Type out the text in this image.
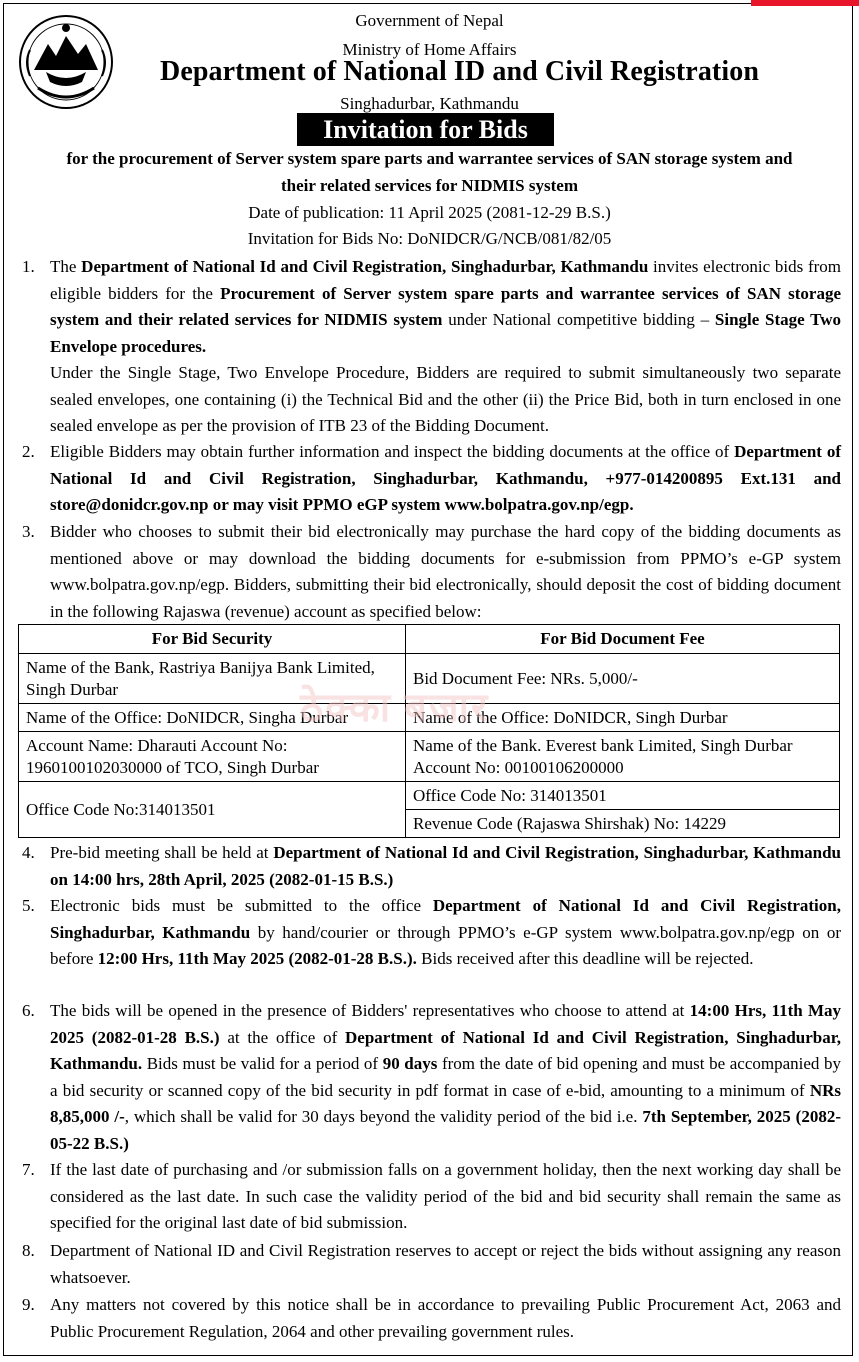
Government of Nepal
Ministry of Home Affairs
Department of National ID and Civil Registration
Singhadurbar, Kathmandu
Invitation for Bids
for the procurement of Server system spare parts and warrantee services of SAN storage system and
their related services for NIDMIS system
Date of publication: 11 April 2025 (2081-12-29 B.S.)
Invitation for Bids No: DoNIDCR/G/NCB/081/82/05
1. The Department of National Id and Civil Registration, Singhadurbar, Kathmandu invites electronic bids from eligible bidders for the Procurement of Server system spare parts and warrantee services of SAN storage system and their related services for NIDMIS system under National competitive bidding – Single Stage Two Envelope procedures.
Under the Single Stage, Two Envelope Procedure, Bidders are required to submit simultaneously two separate sealed envelopes, one containing (i) the Technical Bid and the other (ii) the Price Bid, both in turn enclosed in one sealed envelope as per the provision of ITB 23 of the Bidding Document.
2. Eligible Bidders may obtain further information and inspect the bidding documents at the office of Department of National Id and Civil Registration, Singhadurbar, Kathmandu, +977-014200895 Ext.131 and store@donidcr.gov.np or may visit PPMO eGP system www.bolpatra.gov.np/egp.
3. Bidder who chooses to submit their bid electronically may purchase the hard copy of the bidding documents as mentioned above or may download the bidding documents for e-submission from PPMO’s e-GP system www.bolpatra.gov.np/egp. Bidders, submitting their bid electronically, should deposit the cost of bidding document in the following Rajaswa (revenue) account as specified below:
For Bid Security	For Bid Document Fee
Name of the Bank, Rastriya Banijya Bank Limited, Singh Durbar	Bid Document Fee: NRs. 5,000/-
Name of the Office: DoNIDCR, Singha Durbar	Name of the Office: DoNIDCR, Singh Durbar
Account Name: Dharauti Account No: 1960100102030000 of TCO, Singh Durbar	Name of the Bank. Everest bank Limited, Singh Durbar Account No: 00100106200000
Office Code No:314013501	Office Code No: 314013501
	Revenue Code (Rajaswa Shirshak) No: 14229
ठेक्का बजार
4. Pre-bid meeting shall be held at Department of National Id and Civil Registration, Singhadurbar, Kathmandu on 14:00 hrs, 28th April, 2025 (2082-01-15 B.S.)
5. Electronic bids must be submitted to the office Department of National Id and Civil Registration, Singhadurbar, Kathmandu by hand/courier or through PPMO’s e-GP system www.bolpatra.gov.np/egp on or before 12:00 Hrs, 11th May 2025 (2082-01-28 B.S.). Bids received after this deadline will be rejected.
6. The bids will be opened in the presence of Bidders' representatives who choose to attend at 14:00 Hrs, 11th May 2025 (2082-01-28 B.S.) at the office of Department of National Id and Civil Registration, Singhadurbar, Kathmandu. Bids must be valid for a period of 90 days from the date of bid opening and must be accompanied by a bid security or scanned copy of the bid security in pdf format in case of e-bid, amounting to a minimum of NRs 8,85,000 /-, which shall be valid for 30 days beyond the validity period of the bid i.e. 7th September, 2025 (2082-05-22 B.S.)
7. If the last date of purchasing and /or submission falls on a government holiday, then the next working day shall be considered as the last date. In such case the validity period of the bid and bid security shall remain the same as specified for the original last date of bid submission.
8. Department of National ID and Civil Registration reserves to accept or reject the bids without assigning any reason whatsoever.
9. Any matters not covered by this notice shall be in accordance to prevailing Public Procurement Act, 2063 and Public Procurement Regulation, 2064 and other prevailing government rules.
